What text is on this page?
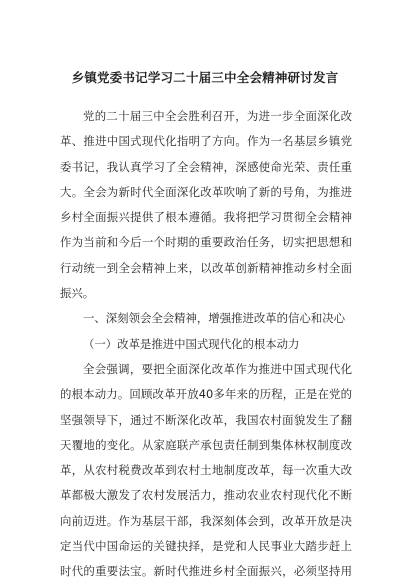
乡镇党委书记学习二十届三中全会精神研讨发言
党的二十届三中全会胜利召开，为进一步全面深化改
革、推进中国式现代化指明了方向。作为一名基层乡镇党
委书记，我认真学习了全会精神，深感使命光荣、责任重
大。全会为新时代全面深化改革吹响了新的号角，为推进
乡村全面振兴提供了根本遵循。我将把学习贯彻全会精神
作为当前和今后一个时期的重要政治任务，切实把思想和
行动统一到全会精神上来，以改革创新精神推动乡村全面
振兴。
一、深刻领会全会精神，增强推进改革的信心和决心
（一）改革是推进中国式现代化的根本动力
全会强调，要把全面深化改革作为推进中国式现代化
的根本动力。回顾改革开放40多年来的历程，正是在党的
坚强领导下，通过不断深化改革，我国农村面貌发生了翻
天覆地的变化。从家庭联产承包责任制到集体林权制度改
革，从农村税费改革到农村土地制度改革，每一次重大改
革都极大激发了农村发展活力，推动农业农村现代化不断
向前迈进。作为基层干部，我深刻体会到，改革开放是决
定当代中国命运的关键抉择，是党和人民事业大踏步赶上
时代的重要法宝。新时代推进乡村全面振兴，必须坚持用
